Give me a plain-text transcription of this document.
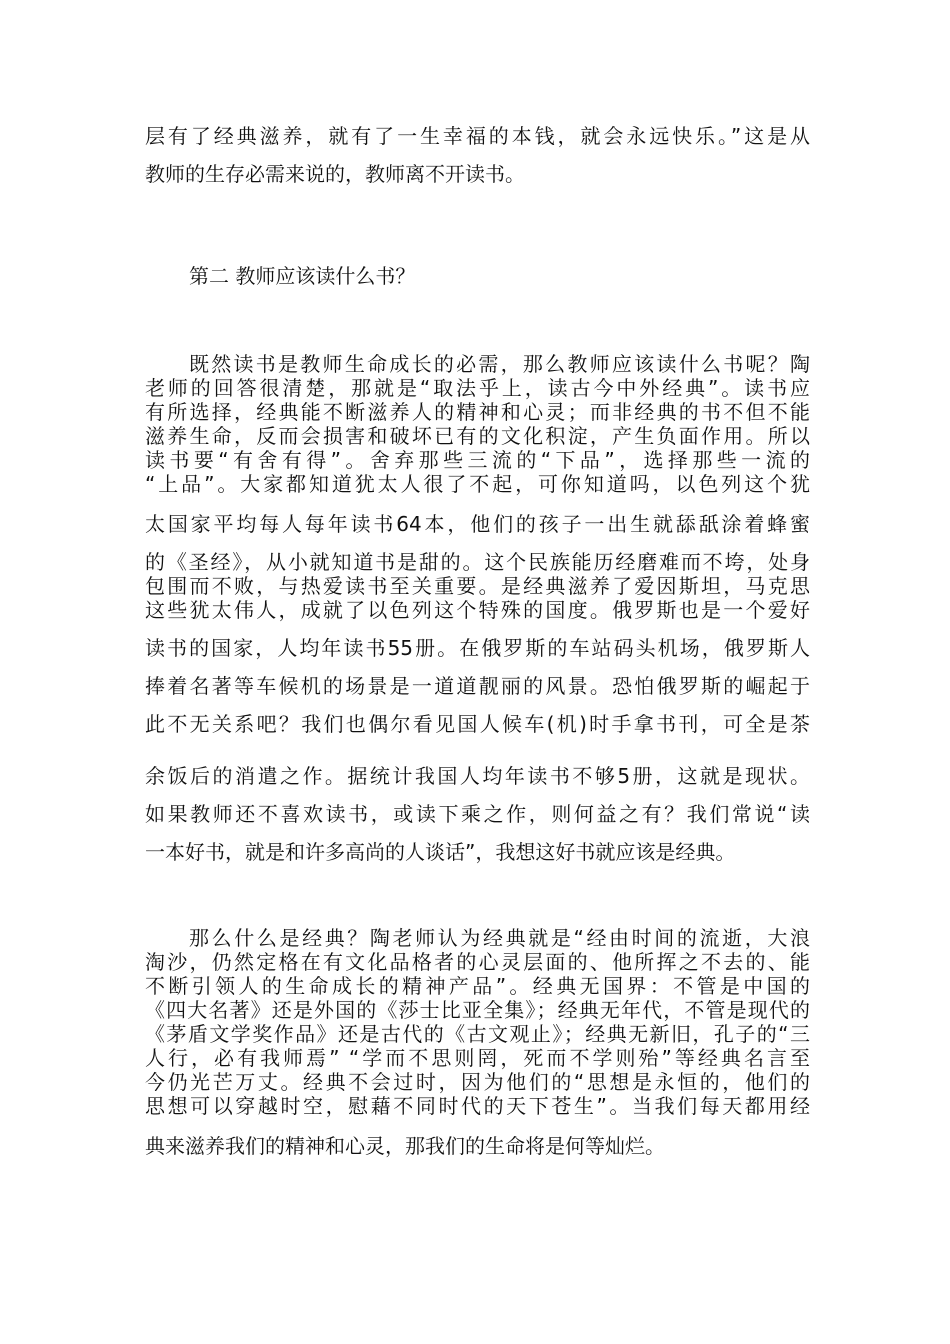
层有了经典滋养，就有了一生幸福的本钱，就会永远快乐。”这是从

教师的生存必需来说的，教师离不开读书。

第二 教师应该读什么书？

既然读书是教师生命成长的必需，那么教师应该读什么书呢？陶

老师的回答很清楚，那就是“取法乎上，读古今中外经典”。读书应

有所选择，经典能不断滋养人的精神和心灵；而非经典的书不但不能

滋养生命，反而会损害和破坏已有的文化积淀，产生负面作用。所以

读书要“有舍有得”。舍弃那些三流的“下品”，选择那些一流的

“上品”。大家都知道犹太人很了不起，可你知道吗，以色列这个犹

太国家平均每人每年读书64本，他们的孩子一出生就舔舐涂着蜂蜜

的《圣经》，从小就知道书是甜的。这个民族能历经磨难而不垮，处身

包围而不败，与热爱读书至关重要。是经典滋养了爱因斯坦，马克思

这些犹太伟人，成就了以色列这个特殊的国度。俄罗斯也是一个爱好

读书的国家，人均年读书55册。在俄罗斯的车站码头机场，俄罗斯人

捧着名著等车候机的场景是一道道靓丽的风景。恐怕俄罗斯的崛起于

此不无关系吧？我们也偶尔看见国人候车(机)时手拿书刊，可全是茶

余饭后的消遣之作。据统计我国人均年读书不够5册，这就是现状。

如果教师还不喜欢读书，或读下乘之作，则何益之有？我们常说“读

一本好书，就是和许多高尚的人谈话”，我想这好书就应该是经典。

那么什么是经典？陶老师认为经典就是“经由时间的流逝，大浪

淘沙，仍然定格在有文化品格者的心灵层面的、他所挥之不去的、能

不断引领人的生命成长的精神产品”。经典无国界：不管是中国的

《四大名著》还是外国的《莎士比亚全集》；经典无年代，不管是现代的

《茅盾文学奖作品》还是古代的《古文观止》；经典无新旧，孔子的“三

人行，必有我师焉” “学而不思则罔，死而不学则殆”等经典名言至

今仍光芒万丈。经典不会过时，因为他们的“思想是永恒的，他们的

思想可以穿越时空，慰藉不同时代的天下苍生”。当我们每天都用经

典来滋养我们的精神和心灵，那我们的生命将是何等灿烂。
